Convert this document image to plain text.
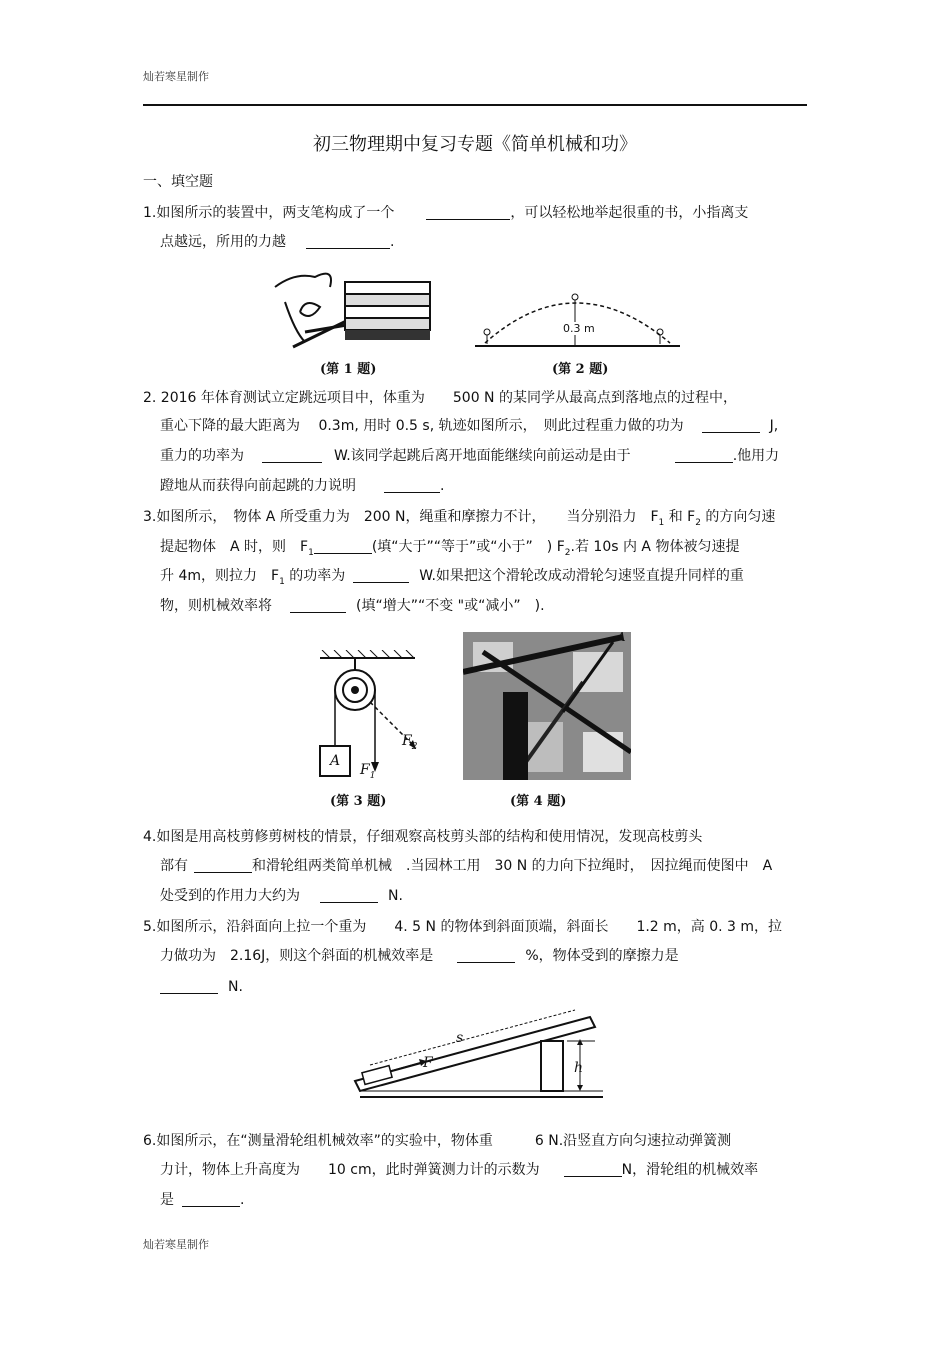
灿若寒星制作
初三物理期中复习专题《简单机械和功》
一、填空题
1.如图所示的装置中，两支笔构成了一个	，可以轻松地举起很重的书，小指离支
点越远，所用的力越	.
(第 1 题)
0.3 m
(第 2 题)
2. 2016 年体育测试立定跳远项目中，体重为　　500 N 的某同学从最高点到落地点的过程中，
重心下降的最大距离为　 0.3m, 用时 0.5 s, 轨迹如图所示，　则此过程重力做的功为	J,
重力的功率为	W.该同学起跳后离开地面能继续向前运动是由于	.他用力
蹬地从而获得向前起跳的力说明	.
3.如图所示，　物体 A 所受重力为　200 N，绳重和摩擦力不计，　　当分别沿力　$F_1$ 和 $F_2$ 的方向匀速
提起物体　A 时，则　$F_1$	(填“大于”“等于”或“小于”　) $F_2$.若 10s 内 A 物体被匀速提
升 4m，则拉力　$F_1$ 的功率为	W.如果把这个滑轮改成动滑轮匀速竖直提升同样的重
物，则机械效率将	(填“增大”“不变 "或“减小”　).
A
$F_1$
$F_2$
(第 3 题)
A
(第 4 题)
4.如图是用高枝剪修剪树枝的情景，仔细观察高枝剪头部的结构和使用情况，发现高枝剪头
部有	和滑轮组两类简单机械　.当园林工用　30 N 的力向下拉绳时，　因拉绳而使图中　A
处受到的作用力大约为	N.
5.如图所示，沿斜面向上拉一个重为　　4. 5 N 的物体到斜面顶端，斜面长　　1.2 m，高 0. 3 m，拉
力做功为　2.16J，则这个斜面的机械效率是	%，物体受到的摩擦力是
N.
s
F	h
6.如图所示，在“测量滑轮组机械效率”的实验中，物体重　　　6 N.沿竖直方向匀速拉动弹簧测
力计，物体上升高度为　　10 cm，此时弹簧测力计的示数为	N，滑轮组的机械效率
是	.
灿若寒星制作
